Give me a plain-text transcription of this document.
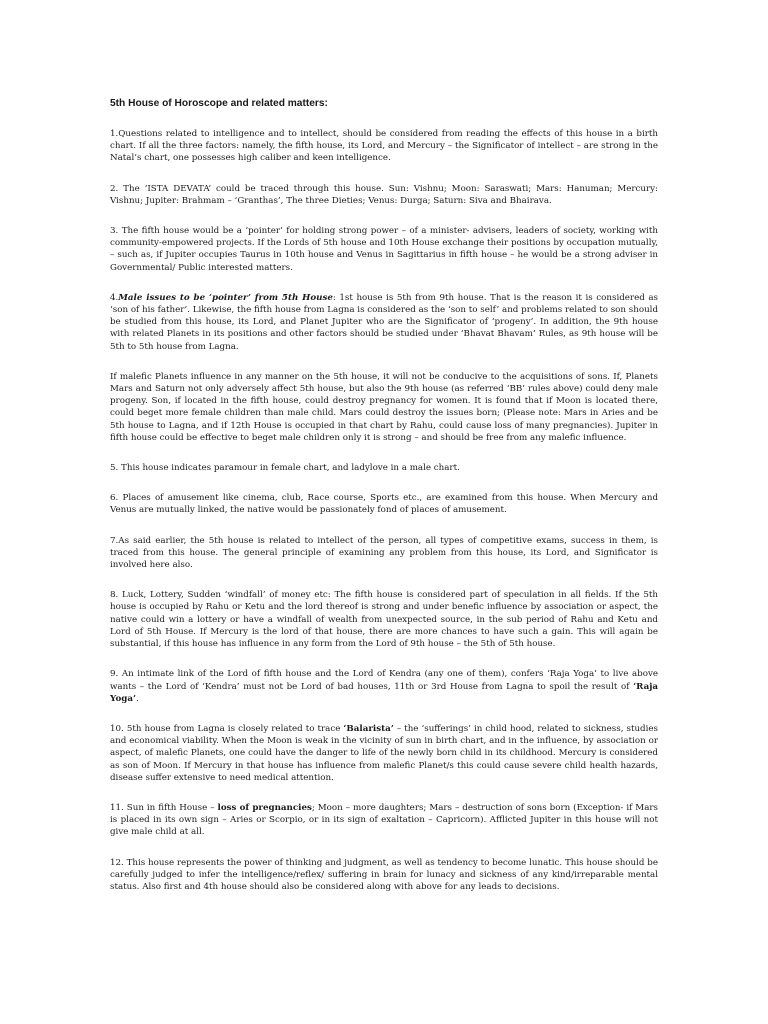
5th House of Horoscope and related matters:

1.Questions related to intelligence and to intellect, should be considered from reading the effects of this house in a birth chart. If all the three factors: namely, the fifth house, its Lord, and Mercury – the Significator of intellect – are strong in the Natal’s chart, one possesses high caliber and keen intelligence.

2. The ‘ISTA DEVATA’ could be traced through this house. Sun: Vishnu; Moon: Saraswati; Mars: Hanuman; Mercury: Vishnu; Jupiter: Brahmam – ‘Granthas’, The three Dieties; Venus: Durga; Saturn: Siva and Bhairava.

3. The fifth house would be a ‘pointer’ for holding strong power – of a minister- advisers, leaders of society, working with community-empowered projects. If the Lords of 5th house and 10th House exchange their positions by occupation mutually, – such as, if Jupiter occupies Taurus in 10th house and Venus in Sagittarius in fifth house – he would be a strong adviser in Governmental/ Public interested matters.

4.Male issues to be ‘pointer’ from 5th House: 1st house is 5th from 9th house. That is the reason it is considered as ‘son of his father’. Likewise, the fifth house from Lagna is considered as the ‘son to self’ and problems related to son should be studied from this house, its Lord, and Planet Jupiter who are the Significator of ‘progeny’. In addition, the 9th house with related Planets in its positions and other factors should be studied under ‘Bhavat Bhavam’ Rules, as 9th house will be 5th to 5th house from Lagna.

If malefic Planets influence in any manner on the 5th house, it will not be conducive to the acquisitions of sons. If, Planets Mars and Saturn not only adversely affect 5th house, but also the 9th house (as referred ‘BB’ rules above) could deny male progeny. Son, if located in the fifth house, could destroy pregnancy for women. It is found that if Moon is located there, could beget more female children than male child. Mars could destroy the issues born; (Please note: Mars in Aries and be 5th house to Lagna, and if 12th House is occupied in that chart by Rahu, could cause loss of many pregnancies). Jupiter in fifth house could be effective to beget male children only it is strong – and should be free from any malefic influence.

5. This house indicates paramour in female chart, and ladylove in a male chart.

6. Places of amusement like cinema, club, Race course, Sports etc., are examined from this house. When Mercury and Venus are mutually linked, the native would be passionately fond of places of amusement.

7.As said earlier, the 5th house is related to intellect of the person, all types of competitive exams, success in them, is traced from this house. The general principle of examining any problem from this house, its Lord, and Significator is involved here also.

8. Luck, Lottery, Sudden ‘windfall’ of money etc: The fifth house is considered part of speculation in all fields. If the 5th house is occupied by Rahu or Ketu and the lord thereof is strong and under benefic influence by association or aspect, the native could win a lottery or have a windfall of wealth from unexpected source, in the sub period of Rahu and Ketu and Lord of 5th House. If Mercury is the lord of that house, there are more chances to have such a gain. This will again be substantial, if this house has influence in any form from the Lord of 9th house – the 5th of 5th house.

9. An intimate link of the Lord of fifth house and the Lord of Kendra (any one of them), confers ‘Raja Yoga’ to live above wants – the Lord of ‘Kendra’ must not be Lord of bad houses, 11th or 3rd House from Lagna to spoil the result of ‘Raja Yoga’.

10. 5th house from Lagna is closely related to trace ‘Balarista’ – the ‘sufferings’ in child hood, related to sickness, studies and economical viability. When the Moon is weak in the vicinity of sun in birth chart, and in the influence, by association or aspect, of malefic Planets, one could have the danger to life of the newly born child in its childhood. Mercury is considered as son of Moon. If Mercury in that house has influence from malefic Planet/s this could cause severe child health hazards, disease suffer extensive to need medical attention.

11. Sun in fifth House – loss of pregnancies; Moon – more daughters; Mars – destruction of sons born (Exception- if Mars is placed in its own sign – Aries or Scorpio, or in its sign of exaltation – Capricorn). Afflicted Jupiter in this house will not give male child at all.

12. This house represents the power of thinking and judgment, as well as tendency to become lunatic. This house should be carefully judged to infer the intelligence/reflex/ suffering in brain for lunacy and sickness of any kind/irreparable mental status. Also first and 4th house should also be considered along with above for any leads to decisions.
